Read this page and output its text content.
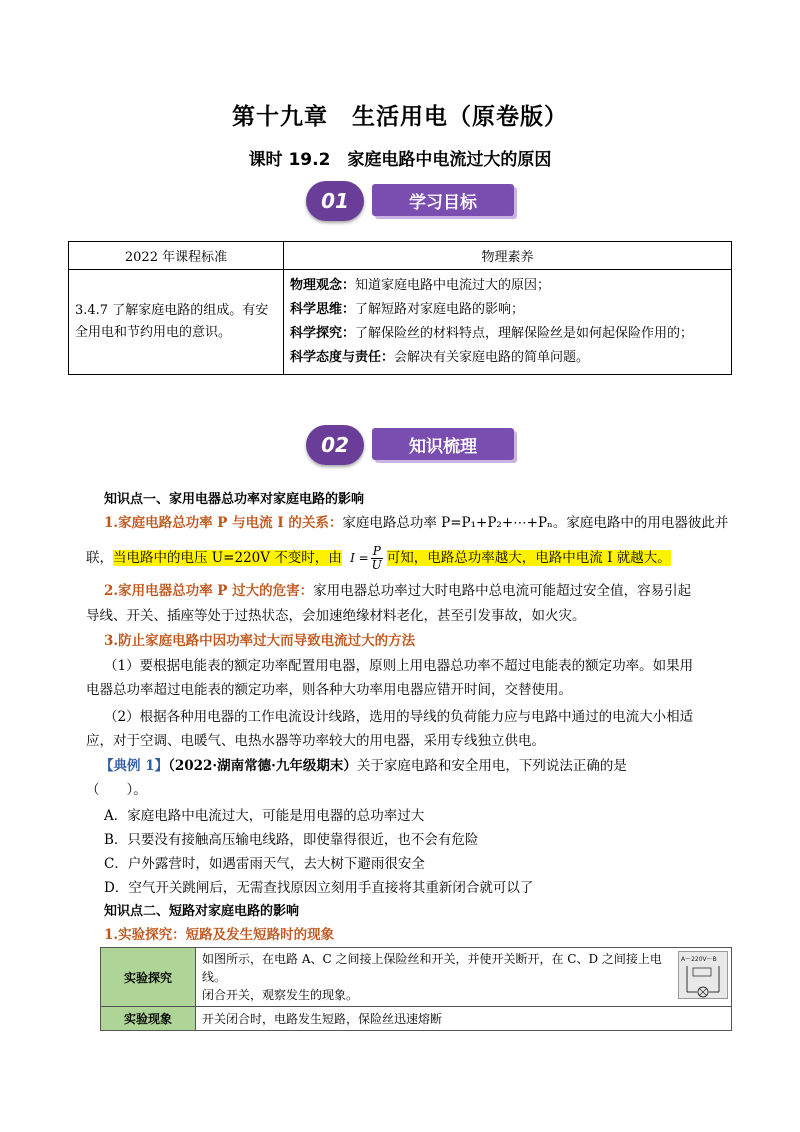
第十九章　生活用电（原卷版）
课时 19.2　家庭电路中电流过大的原因
01	学习目标
2022 年课程标准	物理素养
3.4.7 了解家庭电路的组成。有安全用电和节约用电的意识。	物理观念：知道家庭电路中电流过大的原因；
科学思维：了解短路对家庭电路的影响；
科学探究：了解保险丝的材料特点，理解保险丝是如何起保险作用的；
科学态度与责任：会解决有关家庭电路的简单问题。
02	知识梳理
知识点一、家用电器总功率对家庭电路的影响
1.家庭电路总功率 P 与电流 I 的关系：家庭电路总功率 P=P₁+P₂+⋯+Pₙ。家庭电路中的用电器彼此并
联，当电路中的电压 U=220V 不变时，由 $I = \frac{P}{U}$ 可知，电路总功率越大，电路中电流 I 就越大。
2.家用电器总功率 P 过大的危害：家用电器总功率过大时电路中总电流可能超过安全值，容易引起
导线、开关、插座等处于过热状态，会加速绝缘材料老化，甚至引发事故，如火灾。
3.防止家庭电路中因功率过大而导致电流过大的方法
（1）要根据电能表的额定功率配置用电器，原则上用电器总功率不超过电能表的额定功率。如果用
电器总功率超过电能表的额定功率，则各种大功率用电器应错开时间，交替使用。
（2）根据各种用电器的工作电流设计线路，选用的导线的负荷能力应与电路中通过的电流大小相适
应，对于空调、电暖气、电热水器等功率较大的用电器，采用专线独立供电。
【典例 1】（2022·湖南常德·九年级期末）关于家庭电路和安全用电，下列说法正确的是
（　　）。
A．家庭电路中电流过大，可能是用电器的总功率过大
B．只要没有接触高压输电线路，即使靠得很近，也不会有危险
C．户外露营时，如遇雷雨天气，去大树下避雨很安全
D．空气开关跳闸后，无需查找原因立刻用手直接将其重新闭合就可以了
知识点二、短路对家庭电路的影响
1.实验探究：短路及发生短路时的现象
实验探究	如图所示，在电路 A、C 之间接上保险丝和开关，并使开关断开，在 C、D 之间接上电线。
闭合开关，观察发生的现象。
A～220V～B

实验现象	开关闭合时，电路发生短路，保险丝迅速熔断
